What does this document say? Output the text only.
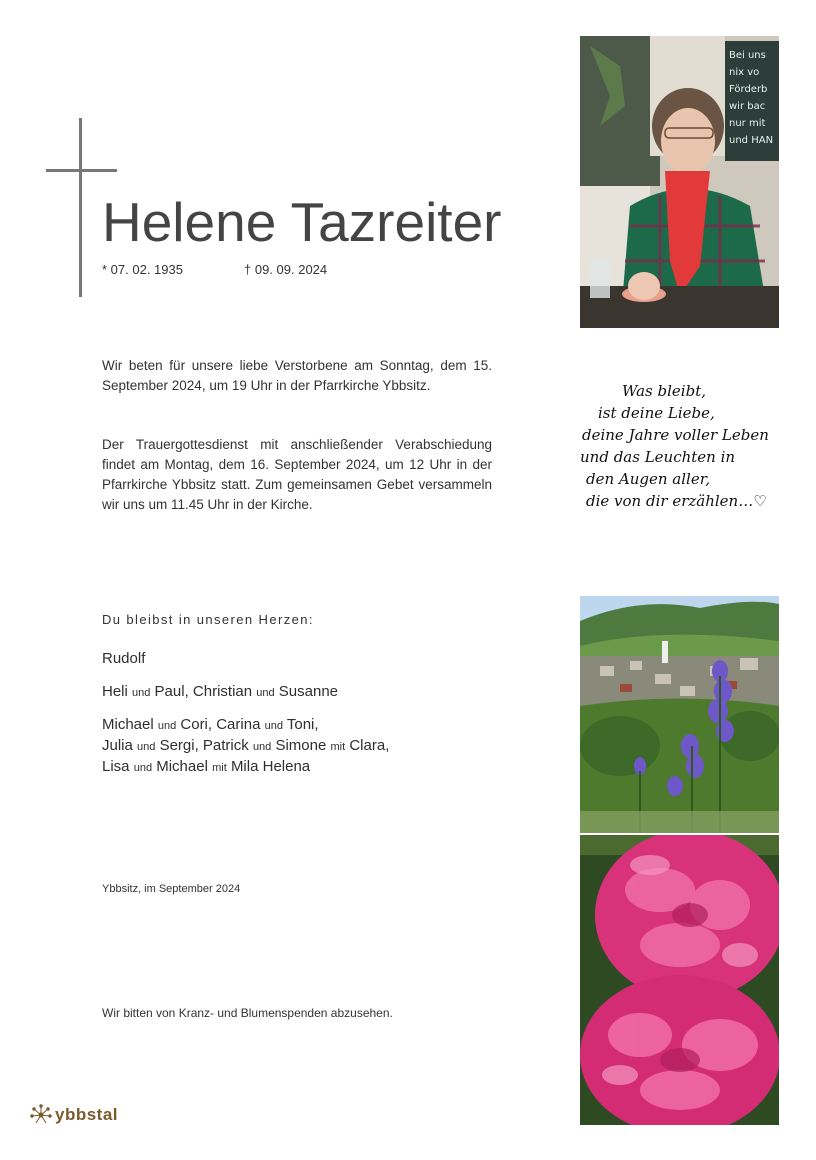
Helene Tazreiter
* 07. 02. 1935	† 09. 09. 2024
Wir beten für unsere liebe Verstorbene am Sonntag, dem 15. September 2024, um 19 Uhr in der Pfarrkirche Ybbsitz.
Der Trauergottesdienst mit anschließender Verabschiedung findet am Montag, dem 16. September 2024, um 12 Uhr in der Pfarrkirche Ybbsitz statt. Zum gemeinsamen Gebet versammeln wir uns um 11.45 Uhr in der Kirche.
Du bleibst in unseren Herzen:
Rudolf
Heli und Paul, Christian und Susanne
Michael und Cori, Carina und Toni,
Julia und Sergi, Patrick und Simone mit Clara,
Lisa und Michael mit Mila Helena
Ybbsitz, im September 2024
Wir bitten von Kranz- und Blumenspenden abzusehen.
ybbstal
Bei uns
nix vo
Förderb
wir bac
nur mit
und HAN
Was bleibt,
ist deine Liebe,
deine Jahre voller Leben
und das Leuchten in
den Augen aller,
die von dir erzählen…♡
